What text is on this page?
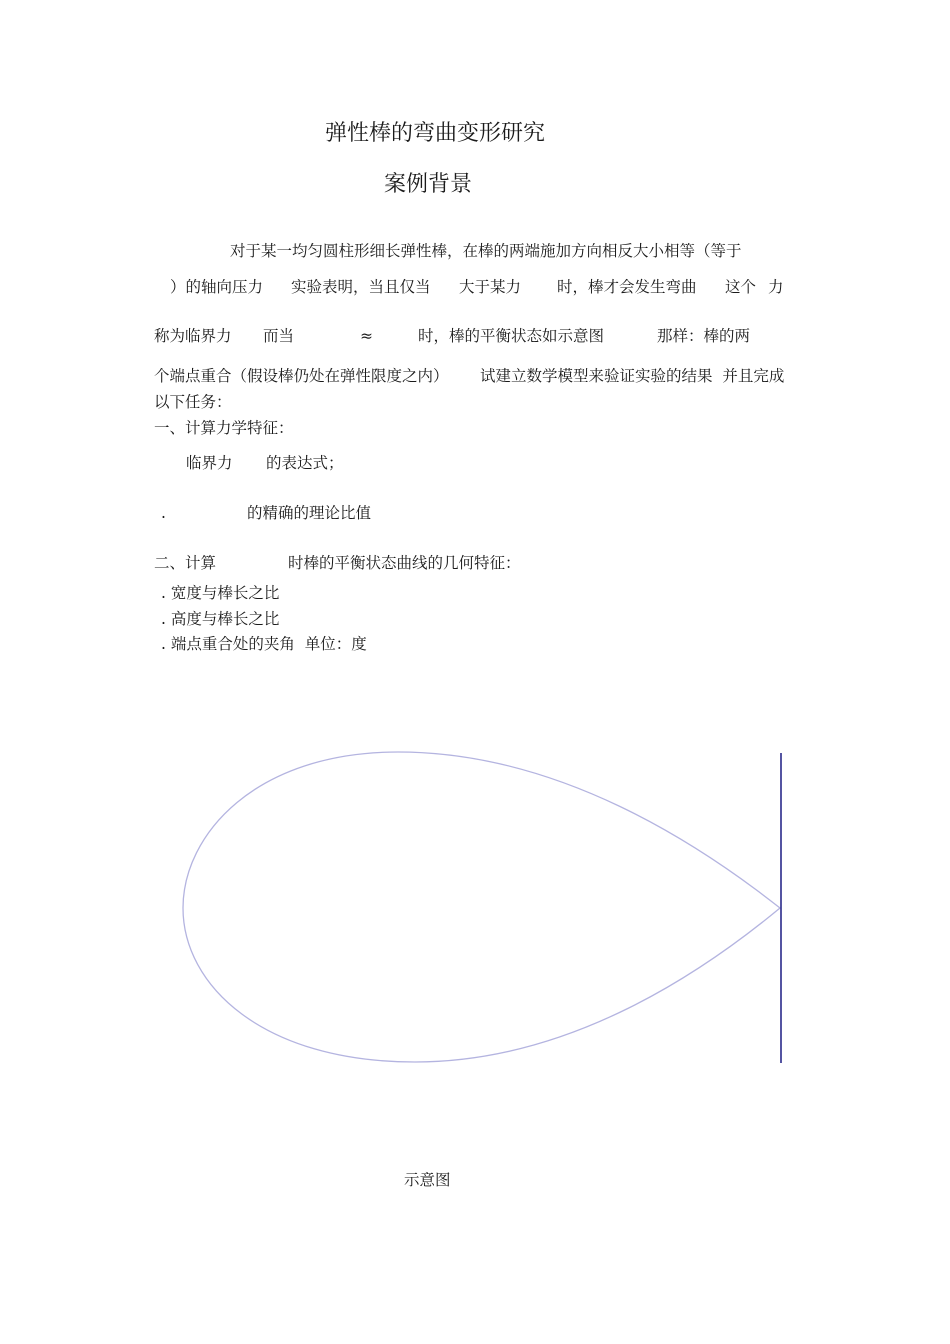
弹性棒的弯曲变形研究
案例背景
对于某一均匀圆柱形细长弹性棒，在棒的两端施加方向相反大小相等（等于
）的轴向压力 实验表明，当且仅当 大于某力 时，棒才会发生弯曲 这个 力
称为临界力 而当	≈	时，棒的平衡状态如示意图	那样：棒的两
个端点重合（假设棒仍处在弹性限度之内） 试建立数学模型来验证实验的结果  并且完成
以下任务：
一、计算力学特征：
临界力 的表达式；
.	的精确的理论比值
二、计算	时棒的平衡状态曲线的几何特征：
. 宽度与棒长之比
. 高度与棒长之比
. 端点重合处的夹角  单位：度
示意图
